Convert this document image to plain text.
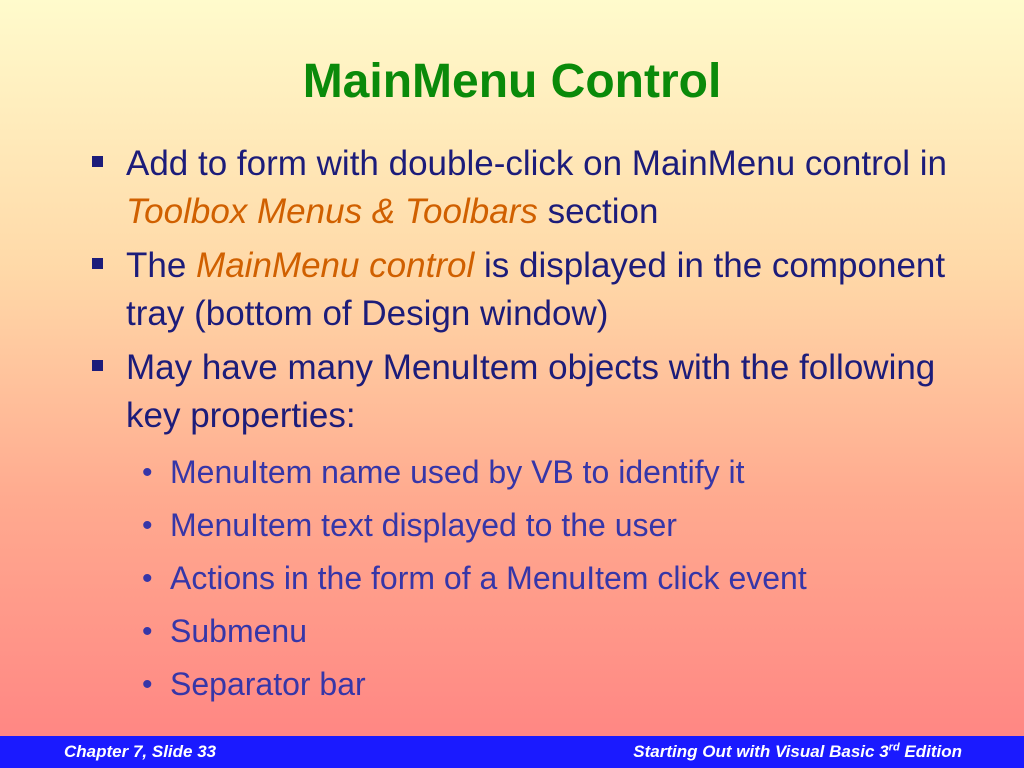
MainMenu Control
Add to form with double-click on MainMenu control in Toolbox Menus & Toolbars section
The MainMenu control is displayed in the component tray (bottom of Design window)
May have many MenuItem objects with the following key properties:
• MenuItem name used by VB to identify it
• MenuItem text displayed to the user
• Actions in the form of a MenuItem click event
• Submenu
• Separator bar
Chapter 7, Slide 33	Starting Out with Visual Basic 3rd Edition
